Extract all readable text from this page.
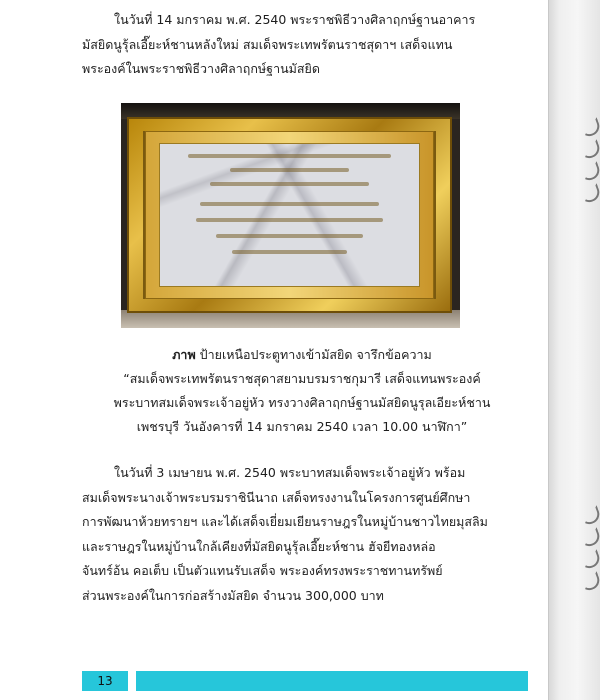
ในวันที่ 14 มกราคม พ.ศ. 2540 พระราชพิธีวางศิลาฤกษ์ฐานอาคาร
มัสยิดนูรุ้ลเอี๊ยะห์ชานหลังใหม่ สมเด็จพระเทพรัตนราชสุดาฯ เสด็จแทน
พระองค์ในพระราชพิธีวางศิลาฤกษ์ฐานมัสยิด

ภาพ ป้ายเหนือประตูทางเข้ามัสยิด จารึกข้อความ
“สมเด็จพระเทพรัตนราชสุดาสยามบรมราชกุมารี เสด็จแทนพระองค์
พระบาทสมเด็จพระเจ้าอยู่หัว ทรงวางศิลาฤกษ์ฐานมัสยิดนูรุลเอียะห์ชาน
เพชรบุรี วันอังคารที่ 14 มกราคม 2540 เวลา 10.00 นาฬิกา”

ในวันที่ 3 เมษายน พ.ศ. 2540 พระบาทสมเด็จพระเจ้าอยู่หัว พร้อม
สมเด็จพระนางเจ้าพระบรมราชินีนาถ เสด็จทรงงานในโครงการศูนย์ศึกษา
การพัฒนาห้วยทรายฯ และได้เสด็จเยี่ยมเยียนราษฎรในหมู่บ้านชาวไทยมุสลิม
และราษฎรในหมู่บ้านใกล้เคียงที่มัสยิดนูรุ้ลเอี๊ยะห์ชาน ฮัจยีทองหล่อ
จันทร์อ้น คอเต็บ เป็นตัวแทนรับเสด็จ พระองค์ทรงพระราชทานทรัพย์
ส่วนพระองค์ในการก่อสร้างมัสยิด จำนวน 300,000 บาท

13
